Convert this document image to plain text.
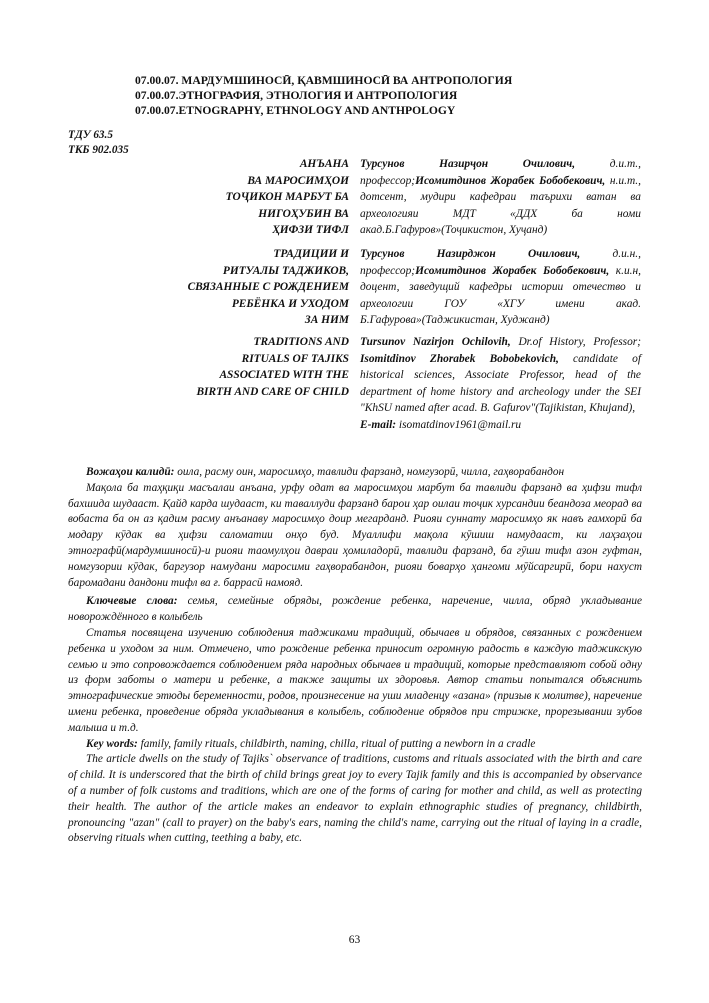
07.00.07. МАРДУМШИНОСӢ, ҚАВМШИНОСӢ ВА АНТРОПОЛОГИЯ
07.00.07.ЭТНОГРАФИЯ, ЭТНОЛОГИЯ И АНТРОПОЛОГИЯ
07.00.07.ETNOGRAPHY, ETHNOLOGY AND ANTHPOLOGY
ТДУ 63.5
ТКБ 902.035
АНЪАНА
ВА МАРОСИМҲОИ
ТОҶИКОН МАРБУТ БА
НИГОҲУБИН ВА
ҲИФЗИ ТИФЛ
Турсунов Назирҷон Очилович, д.и.т., профессор;Исомитдинов Жорабек Бобобекович, н.и.т., дотсент, мудири кафедраи таърихи ватан ва археологияи МДТ «ДДХ ба номи акад.Б.Гафуров»(Тоҷикистон, Хуҷанд)
ТРАДИЦИИ И
РИТУАЛЫ ТАДЖИКОВ,
СВЯЗАННЫЕ С РОЖДЕНИЕМ
РЕБЁНКА И УХОДОМ
ЗА НИМ
Турсунов Назирджон Очилович, д.и.н., профессор;Исомитдинов Жорабек Бобобекович, к.и.н, доцент, заведущий кафедры истории отечество и археологии ГОУ «ХГУ имени акад. Б.Гафурова»(Таджикистан, Худжанд)
TRADITIONS AND
RITUALS OF TAJIKS
ASSOCIATED WITH THE
BIRTH AND CARE OF CHILD
Tursunov Nazirjon Ochilovih, Dr.of History, Professor; Isomitdinov Zhorabek Bobobekovich, candidate of historical sciences, Associate Professor, head of the department of home history and archeology under the SEI "KhSU named after acad. B. Gafurov"(Tajikistan, Khujand),
E-mail: isomatdinov1961@mail.ru

Вожаҳои калидӣ: оила, расму оин, маросимҳо, тавлиди фарзанд, номгузорӣ, чилла, гаҳворабандон

Мақола ба таҳқиқи масъалаи анъана, урфу одат ва маросимҳои марбут ба тавлиди фарзанд ва ҳифзи тифл бахшида шудааст. Қайд карда шудааст, ки таваллуди фарзанд барои ҳар оилаи тоҷик хурсандии беандоза меорад ва вобаста ба он аз қадим расму анъанаву маросимҳо доир мегарданд. Риояи суннату маросимҳо як навъ ғамхорӣ ба модару кӯдак ва ҳифзи саломатии онҳо буд. Муаллифи мақола кӯшиш намудааст, ки лаҳзаҳои этнографӣ(мардумшиносӣ)-и риояи таомулҳои давраи ҳомиладорӣ, тавлиди фарзанд, ба гӯши тифл азон гуфтан, номгузории кӯдак, баргузор намудани маросими гаҳворабандон, риояи боварҳо ҳангоми мӯйсаргирӣ, бори нахуст баромадани дандони тифл ва ғ. баррасӣ намояд.

Ключевые слова: семья, семейные обряды, рождение ребенка, наречение, чилла, обряд укладывание новорождённого в колыбель

Статья посвящена изучению соблюдения таджиками традиций, обычаев и обрядов, связанных с рождением ребенка и уходом за ним. Отмечено, что рождение ребенка приносит огромную радость в каждую таджикскую семью и это сопровождается соблюдением ряда народных обычаев и традиций, которые представляют собой одну из форм заботы о матери и ребенке, а также защиты их здоровья. Автор статьи попытался объяснить этнографические этюды беременности, родов, произнесение на уши младенцу «азана» (призыв к молитве), наречение имени ребенка, проведение обряда укладывания в колыбель, соблюдение обрядов при стрижке, прорезывании зубов малыша и т.д.

Key words: family, family rituals, childbirth, naming, chilla, ritual of putting a newborn in a cradle

The article dwells on the study of Tajiks` observance of traditions, customs and rituals associated with the birth and care of child. It is underscored that the birth of child brings great joy to every Tajik family and this is accompanied by observance of a number of folk customs and traditions, which are one of the forms of caring for mother and child, as well as protecting their health. The author of the article makes an endeavor to explain ethnographic studies of pregnancy, childbirth, pronouncing "azan" (call to prayer) on the baby's ears, naming the child's name, carrying out the ritual of laying in a cradle, observing rituals when cutting, teething a baby, etc.

63
